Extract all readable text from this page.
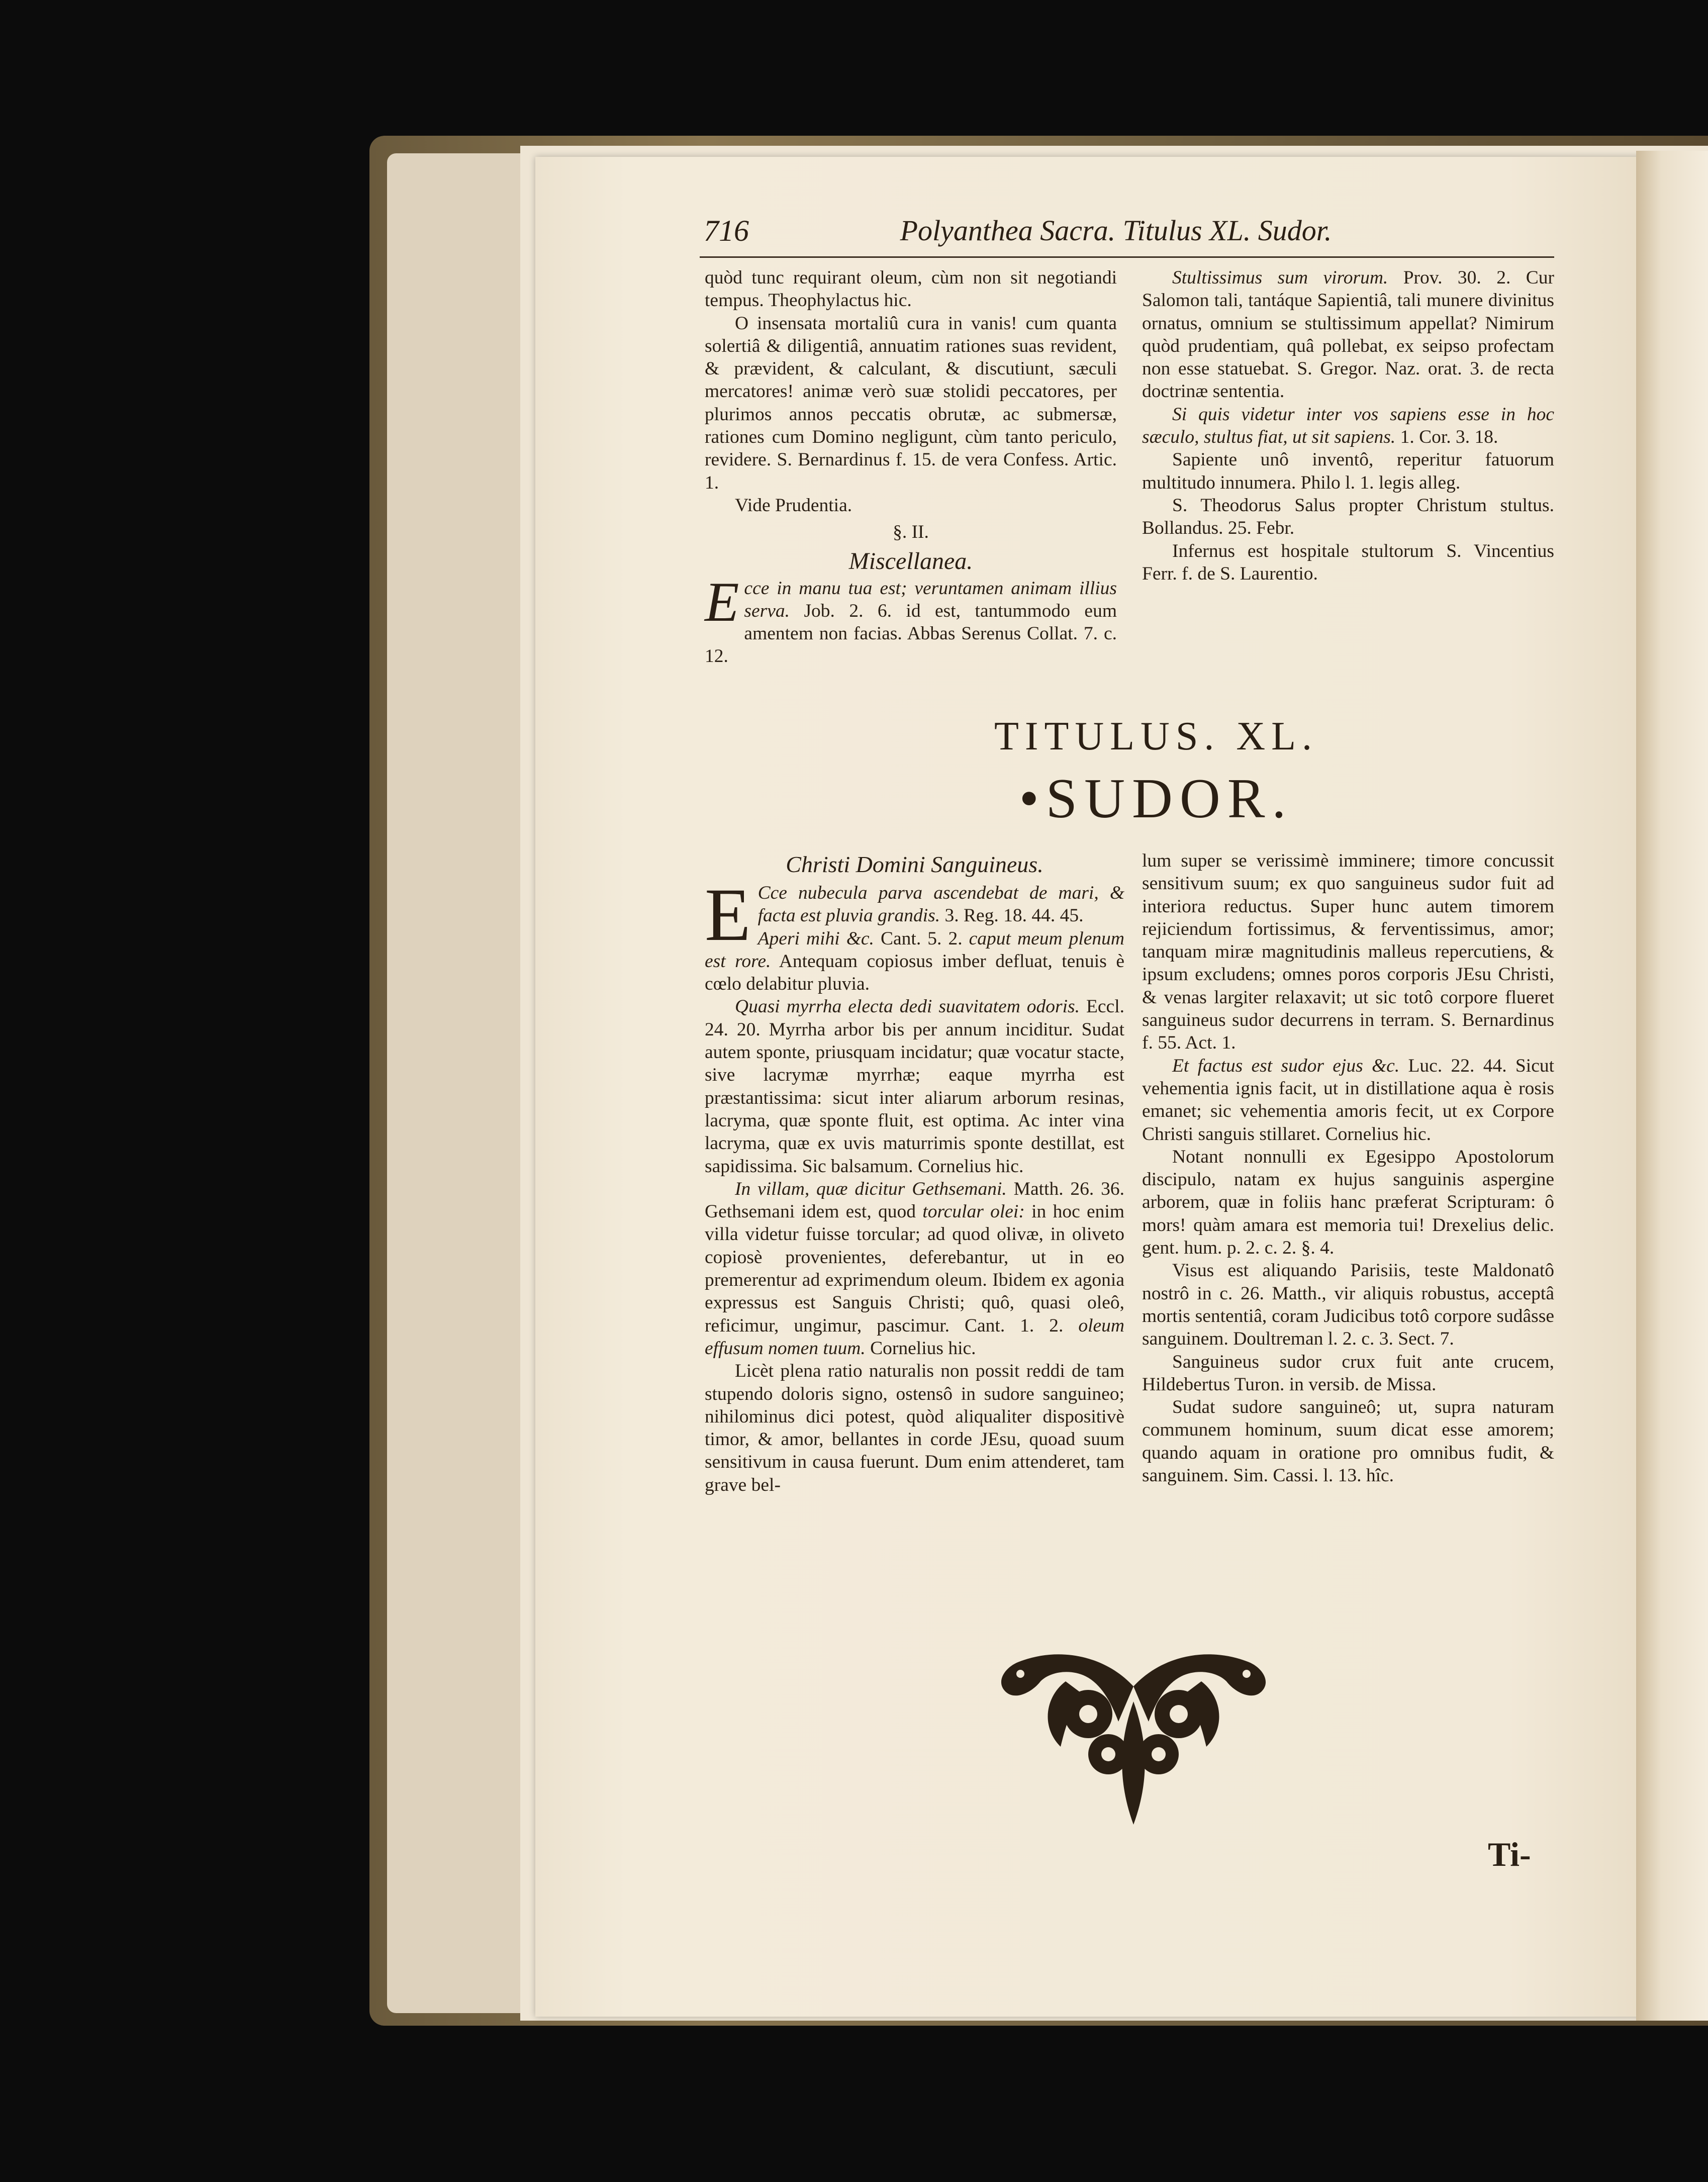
716	Polyanthea Sacra. Titulus XL. Sudor.

quòd tunc requirant oleum, cùm non sit negotiandi tempus. Theophylactus hic.

O insensata mortaliû cura in vanis! cum quanta solertiâ & diligentiâ, annuatim rationes suas revident, & prævident, & calculant, & discutiunt, sæculi mercatores! animæ verò suæ stolidi peccatores, per plurimos annos peccatis obrutæ, ac submersæ, rationes cum Domino negligunt, cùm tanto periculo, revidere. S. Bernardinus f. 15. de vera Confess. Artic. 1.

Vide Prudentia.

§. II.
Miscellanea.

Ecce in manu tua est; veruntamen animam illius serva. Job. 2. 6. id est, tantummodo eum amentem non facias. Abbas Serenus Collat. 7. c. 12.

Stultissimus sum virorum. Prov. 30. 2. Cur Salomon tali, tantáque Sapientiâ, tali munere divinitus ornatus, omnium se stultissimum appellat? Nimirum quòd prudentiam, quâ pollebat, ex seipso profectam non esse statuebat. S. Gregor. Naz. orat. 3. de recta doctrinæ sententia.

Si quis videtur inter vos sapiens esse in hoc sæculo, stultus fiat, ut sit sapiens. 1. Cor. 3. 18.

Sapiente unô inventô, reperitur fatuorum multitudo innumera. Philo l. 1. legis alleg.

S. Theodorus Salus propter Christum stultus. Bollandus. 25. Febr.

Infernus est hospitale stultorum S. Vincentius Ferr. f. de S. Laurentio.

TITULUS. XL.
•SUDOR.
Christi Domini Sanguineus.

E Cce nubecula parva ascendebat de mari, & facta est pluvia grandis. 3. Reg. 18. 44. 45.

Aperi mihi &c. Cant. 5. 2. caput meum plenum est rore. Antequam copiosus imber defluat, tenuis è cœlo delabitur pluvia.

Quasi myrrha electa dedi suavitatem odoris. Eccl. 24. 20. Myrrha arbor bis per annum inciditur. Sudat autem sponte, priusquam incidatur; quæ vocatur stacte, sive lacrymæ myrrhæ; eaque myrrha est præstantissima: sicut inter aliarum arborum resinas, lacryma, quæ sponte fluit, est optima. Ac inter vina lacryma, quæ ex uvis maturrimis sponte destillat, est sapidissima. Sic balsamum. Cornelius hic.

In villam, quæ dicitur Gethsemani. Matth. 26. 36. Gethsemani idem est, quod torcular olei: in hoc enim villa videtur fuisse torcular; ad quod olivæ, in oliveto copiosè provenientes, deferebantur, ut in eo premerentur ad exprimendum oleum. Ibidem ex agonia expressus est Sanguis Christi; quô, quasi oleô, reficimur, ungimur, pascimur. Cant. 1. 2. oleum effusum nomen tuum. Cornelius hic.

Licèt plena ratio naturalis non possit reddi de tam stupendo doloris signo, ostensô in sudore sanguineo; nihilominus dici potest, quòd aliqualiter dispositivè timor, & amor, bellantes in corde JEsu, quoad suum sensitivum in causa fuerunt. Dum enim attenderet, tam grave bel-

lum super se verissimè imminere; timore concussit sensitivum suum; ex quo sanguineus sudor fuit ad interiora reductus. Super hunc autem timorem rejiciendum fortissimus, & ferventissimus, amor; tanquam miræ magnitudinis malleus repercutiens, & ipsum excludens; omnes poros corporis JEsu Christi, & venas largiter relaxavit; ut sic totô corpore flueret sanguineus sudor decurrens in terram. S. Bernardinus f. 55. Act. 1.

Et factus est sudor ejus &c. Luc. 22. 44. Sicut vehementia ignis facit, ut in distillatione aqua è rosis emanet; sic vehementia amoris fecit, ut ex Corpore Christi sanguis stillaret. Cornelius hic.

Notant nonnulli ex Egesippo Apostolorum discipulo, natam ex hujus sanguinis aspergine arborem, quæ in foliis hanc præferat Scripturam: ô mors! quàm amara est memoria tui! Drexelius delic. gent. hum. p. 2. c. 2. §. 4.

Visus est aliquando Parisiis, teste Maldonatô nostrô in c. 26. Matth., vir aliquis robustus, acceptâ mortis sententiâ, coram Judicibus totô corpore sudâsse sanguinem. Doultreman l. 2. c. 3. Sect. 7.

Sanguineus sudor crux fuit ante crucem, Hildebertus Turon. in versib. de Missa.

Sudat sudore sanguineô; ut, supra naturam communem hominum, suum dicat esse amorem; quando aquam in oratione pro omnibus fudit, & sanguinem. Sim. Cassi. l. 13. hîc.

Ti-
